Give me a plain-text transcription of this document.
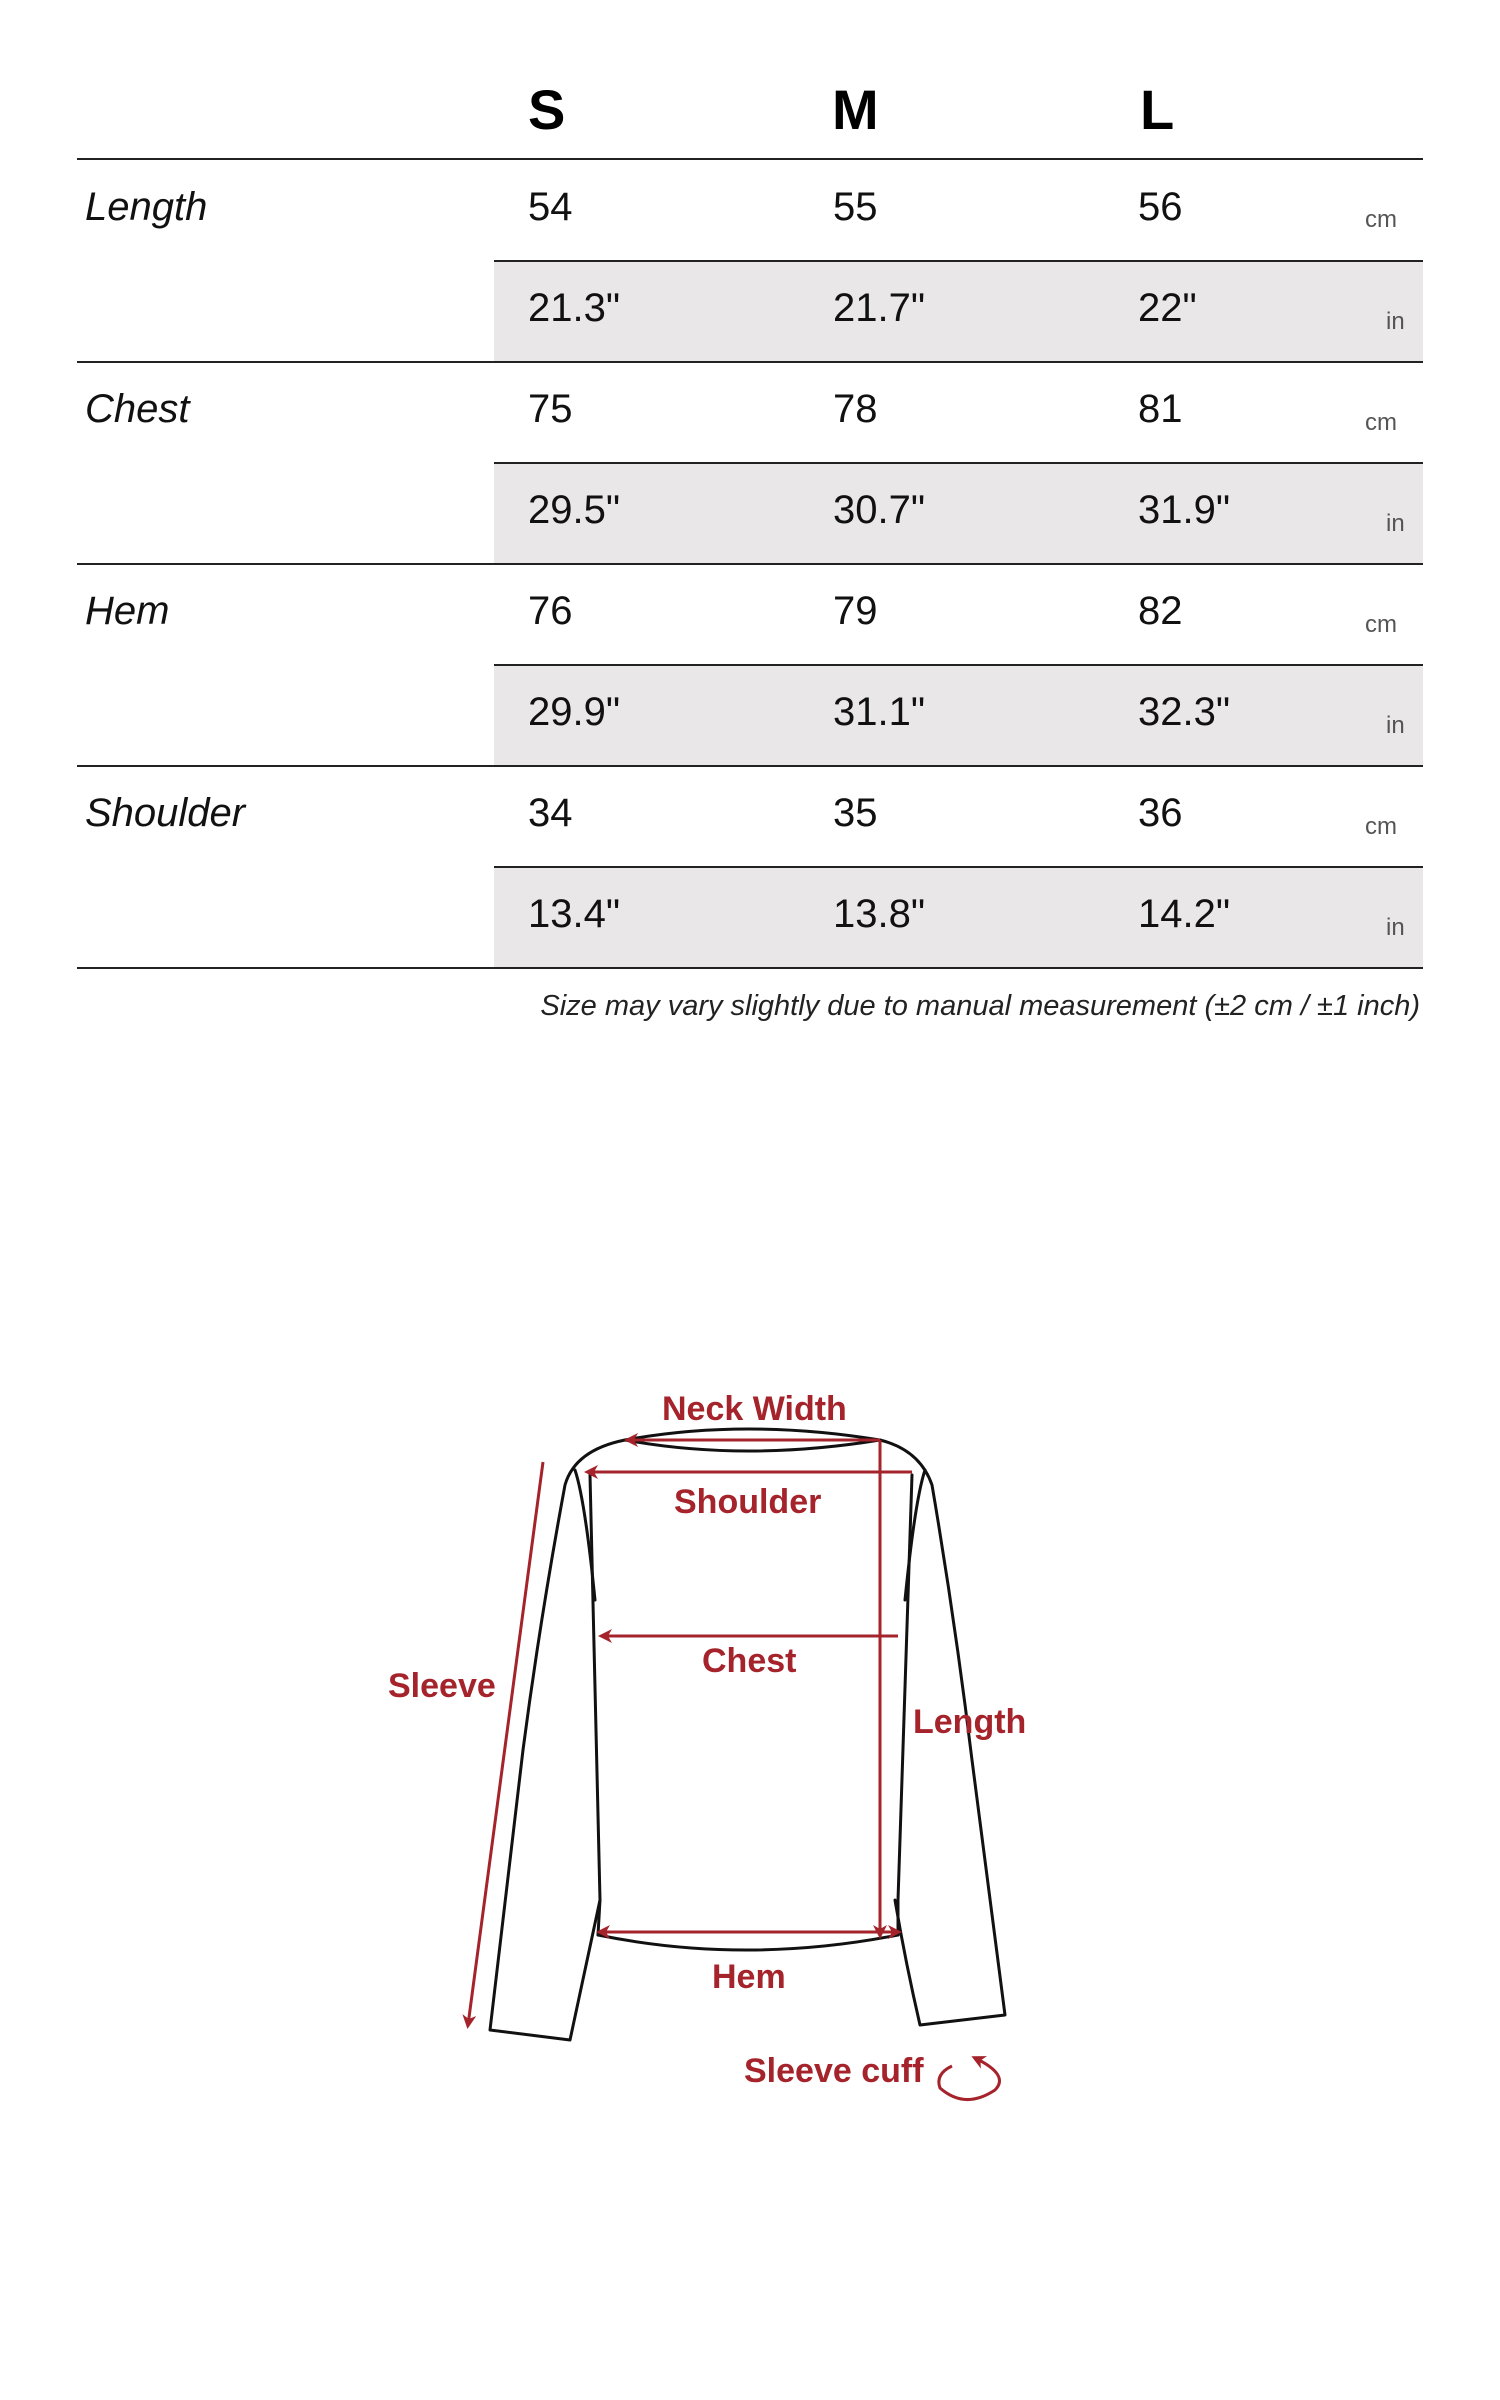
S	M	L
Length	54	55	56	cm
21.3"	21.7"	22"	in
Chest	75	78	81	cm
29.5"	30.7"	31.9"	in
Hem	76	79	82	cm
29.9"	31.1"	32.3"	in
Shoulder	34	35	36	cm
13.4"	13.8"	14.2"	in
Size may vary slightly due to manual measurement (±2 cm / ±1 inch)
Neck Width
Shoulder
Chest
Sleeve
Length
Hem
Sleeve cuff
